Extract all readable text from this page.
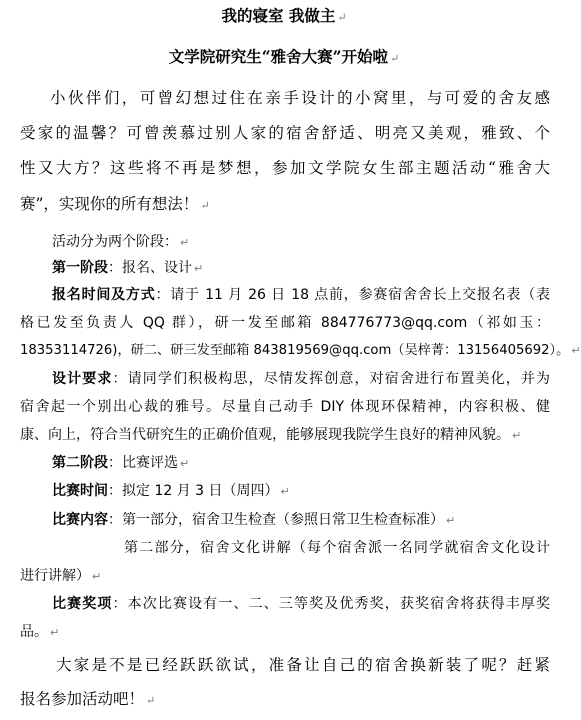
我的寝室 我做主 ↵
文学院研究生“雅舍大赛”开始啦 ↵
小伙伴们，可曾幻想过住在亲手设计的小窝里，与可爱的舍友感
受家的温馨？可曾羡慕过别人家的宿舍舒适、明亮又美观，雅致、个
性又大方？这些将不再是梦想，参加文学院女生部主题活动“雅舍大
赛”，实现你的所有想法！ ↵
活动分为两个阶段： ↵
第一阶段：报名、设计 ↵
报名时间及方式：请于 11 月 26 日 18 点前，参赛宿舍舍长上交报名表（表
格已发至负责人 QQ 群），研一发至邮箱 884776773@qq.com（祁如玉：
18353114726)，研二、研三发至邮箱 843819569@qq.com（吴梓菁：13156405692）。 ↵
设计要求：请同学们积极构思，尽情发挥创意，对宿舍进行布置美化，并为
宿舍起一个别出心裁的雅号。尽量自己动手 DIY 体现环保精神，内容积极、健
康、向上，符合当代研究生的正确价值观，能够展现我院学生良好的精神风貌。 ↵
第二阶段：比赛评选 ↵
比赛时间：拟定 12 月 3 日（周四） ↵
比赛内容：第一部分，宿舍卫生检查（参照日常卫生检查标准） ↵
第二部分，宿舍文化讲解（每个宿舍派一名同学就宿舍文化设计
进行讲解） ↵
比赛奖项：本次比赛设有一、二、三等奖及优秀奖，获奖宿舍将获得丰厚奖
品。 ↵
大家是不是已经跃跃欲试，准备让自己的宿舍换新装了呢？赶紧
报名参加活动吧！ ↵
